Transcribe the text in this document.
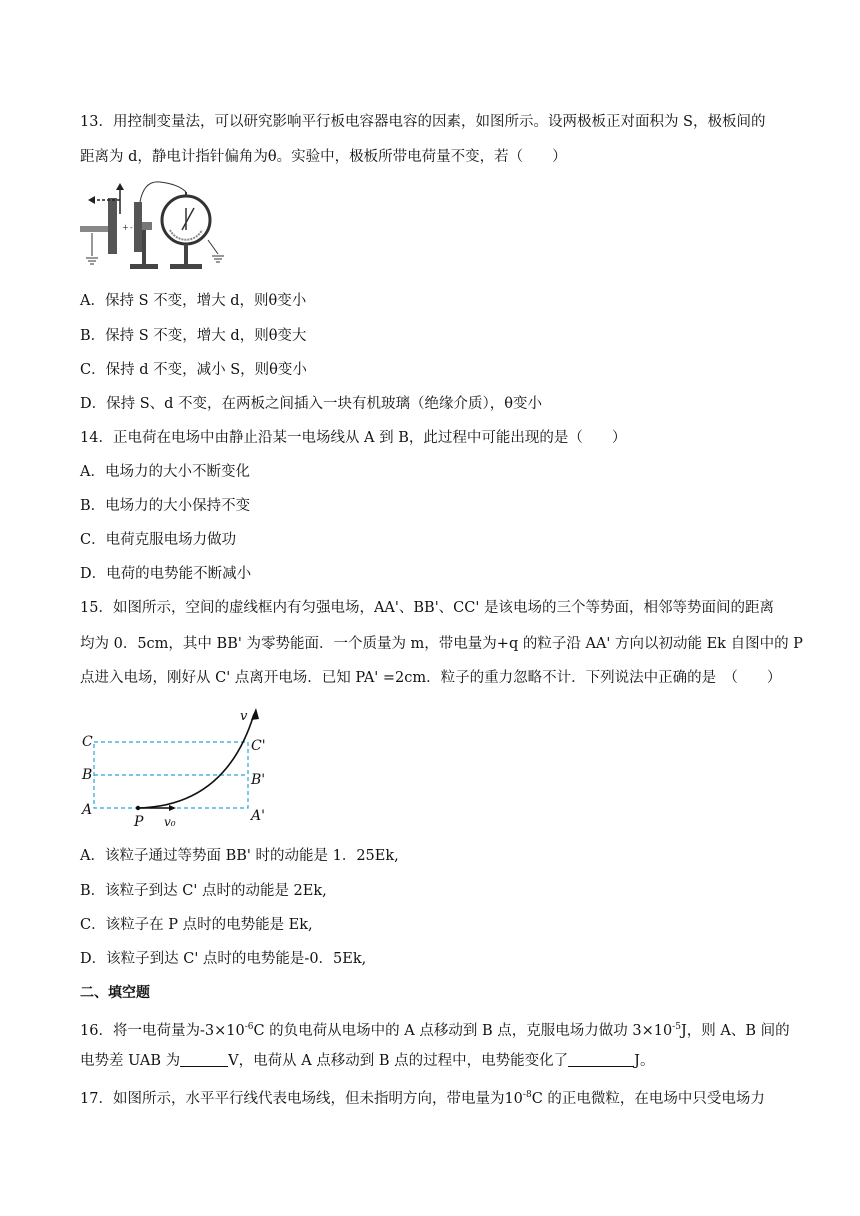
13．用控制变量法，可以研究影响平行板电容器电容的因素，如图所示。设两极板正对面积为 S，极板间的
距离为 d，静电计指针偏角为θ。实验中，极板所带电荷量不变，若（　　）
+ -
A．保持 S 不变，增大 d，则θ变小
B．保持 S 不变，增大 d，则θ变大
C．保持 d 不变，减小 S，则θ变小
D．保持 S、d 不变，在两板之间插入一块有机玻璃（绝缘介质），θ变小
14．正电荷在电场中由静止沿某一电场线从 A 到 B，此过程中可能出现的是（　　）
A．电场力的大小不断变化
B．电场力的大小保持不变
C．电荷克服电场力做功
D．电荷的电势能不断减小
15．如图所示，空间的虚线框内有匀强电场，AA'、BB'、CC' 是该电场的三个等势面，相邻等势面间的距离
均为 0．5cm，其中 BB' 为零势能面．一个质量为 m，带电量为+q 的粒子沿 AA' 方向以初动能 Ek 自图中的 P
点进入电场，刚好从 C' 点离开电场．已知 PA' =2cm．粒子的重力忽略不计．下列说法中正确的是　（　　）
C
B
A
C'
B'
A'
P v₀
v
A．该粒子通过等势面 BB' 时的动能是 1．25Ek,
B．该粒子到达 C' 点时的动能是 2Ek,
C．该粒子在 P 点时的电势能是 Ek,
D．该粒子到达 C' 点时的电势能是-0．5Ek,
二、填空题
16．将一电荷量为$-3\times 10^{-6}C$ 的负电荷从电场中的 A 点移动到 B 点，克服电场力做功 $3\times 10^{-5}J$，则 A、B 间的
电势差 UAB 为	V，电荷从 A 点移动到 B 点的过程中，电势能变化了	J。
17．如图所示，水平平行线代表电场线，但未指明方向，带电量为$10^{-8}C$ 的正电微粒，在电场中只受电场力
